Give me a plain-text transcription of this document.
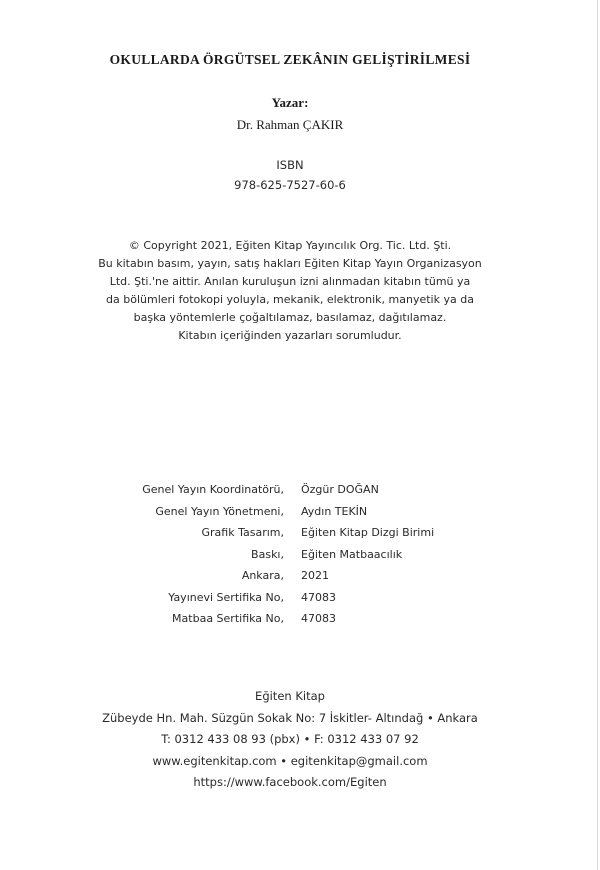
OKULLARDA ÖRGÜTSEL ZEKÂNIN GELİŞTİRİLMESİ
Yazar:
Dr. Rahman ÇAKIR
ISBN
978-625-7527-60-6
© Copyright 2021, Eğiten Kitap Yayıncılık Org. Tic. Ltd. Şti.
Bu kitabın basım, yayın, satış hakları Eğiten Kitap Yayın Organizasyon
Ltd. Şti.'ne aittir. Anılan kuruluşun izni alınmadan kitabın tümü ya
da bölümleri fotokopi yoluyla, mekanik, elektronik, manyetik ya da
başka yöntemlerle çoğaltılamaz, basılamaz, dağıtılamaz.
Kitabın içeriğinden yazarları sorumludur.
Genel Yayın Koordinatörü, Özgür DOĞAN
Genel Yayın Yönetmeni, Aydın TEKİN
Grafik Tasarım, Eğiten Kitap Dizgi Birimi
Baskı, Eğiten Matbaacılık
Ankara, 2021
Yayınevi Sertifika No, 47083
Matbaa Sertifika No, 47083
Eğiten Kitap
Zübeyde Hn. Mah. Süzgün Sokak No: 7 İskitler- Altındağ • Ankara
T: 0312 433 08 93 (pbx) • F: 0312 433 07 92
www.egitenkitap.com • egitenkitap@gmail.com
https://www.facebook.com/Egiten
